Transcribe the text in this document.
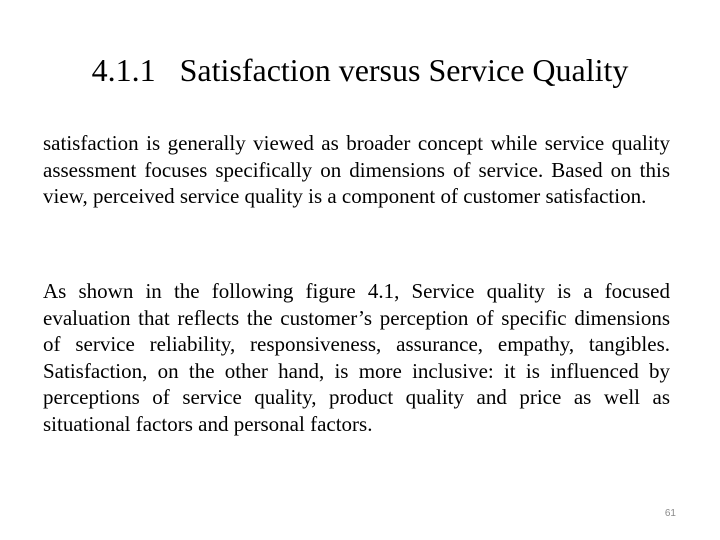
4.1.1   Satisfaction versus Service Quality

satisfaction is generally viewed as broader concept while service quality assessment focuses specifically on dimensions of service. Based on this view, perceived service quality is a component of customer satisfaction.

As shown in the following figure 4.1, Service quality is a focused evaluation that reflects the customer’s perception of specific dimensions of service reliability, responsiveness, assurance, empathy, tangibles. Satisfaction, on the other hand, is more inclusive: it is influenced by perceptions of service quality, product quality and price as well as situational factors and personal factors.

61
